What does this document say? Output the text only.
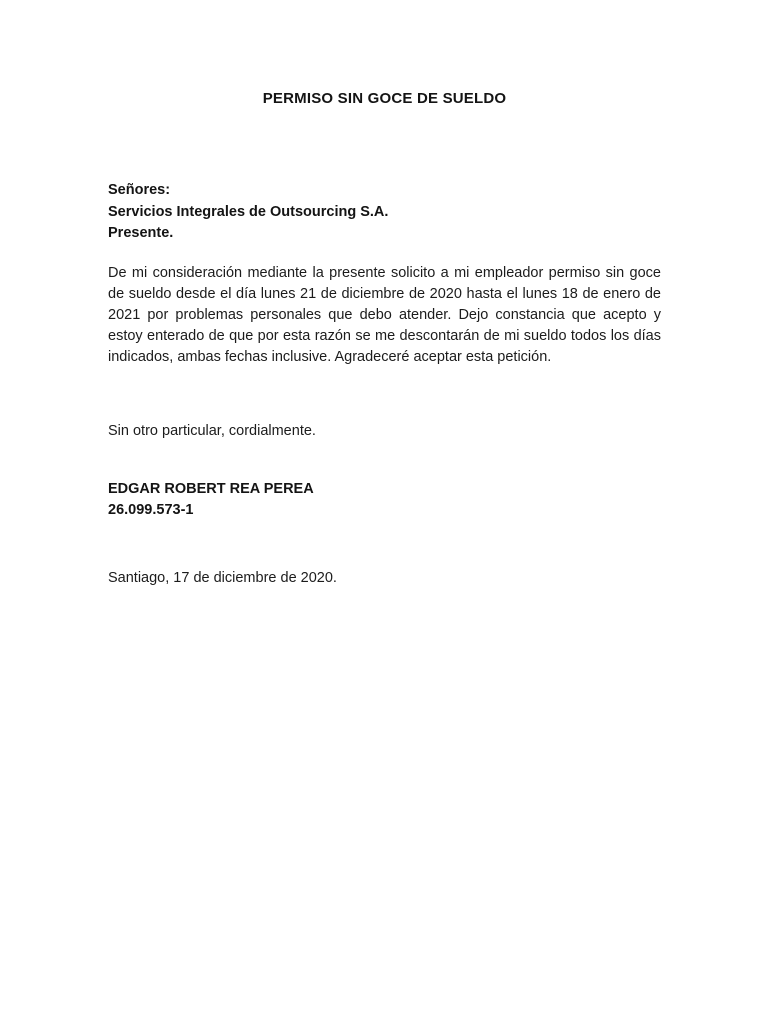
PERMISO SIN GOCE DE SUELDO
Señores:
Servicios Integrales de Outsourcing S.A.
Presente.
De mi consideración mediante la presente solicito a mi empleador permiso sin goce de sueldo desde el día lunes 21 de diciembre de 2020 hasta el lunes 18 de enero de 2021 por problemas personales que debo atender. Dejo constancia que acepto y estoy enterado de que por esta razón se me descontarán de mi sueldo todos los días indicados, ambas fechas inclusive. Agradeceré aceptar esta petición.
Sin otro particular, cordialmente.
EDGAR ROBERT REA PEREA
26.099.573-1
Santiago, 17 de diciembre de 2020.
